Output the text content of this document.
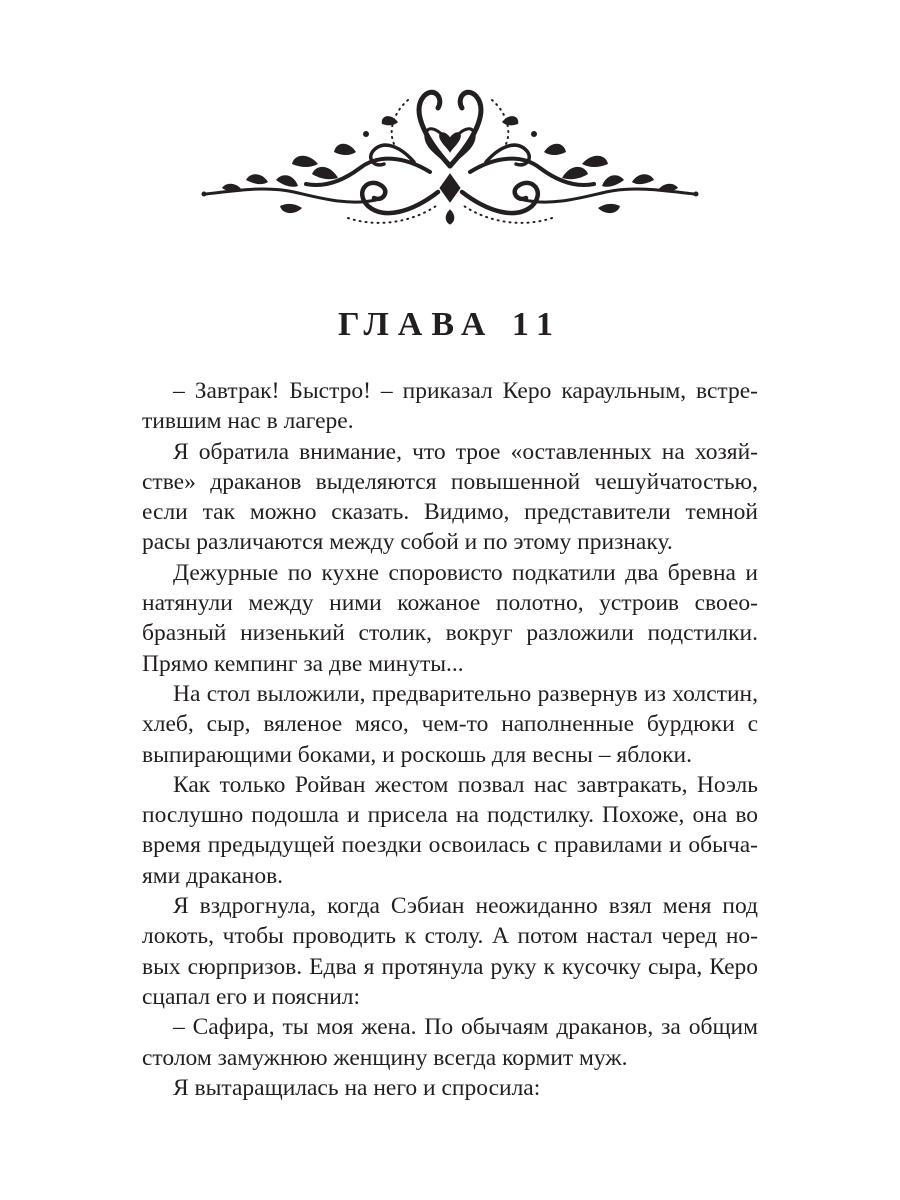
ГЛАВА 11

– Завтрак! Быстро! – приказал Керо караульным, встретившим нас в лагере.

Я обратила внимание, что трое «оставленных на хозяйстве» драканов выделяются повышенной чешуйчатостью, если так можно сказать. Видимо, представители темной расы различаются между собой и по этому признаку.

Дежурные по кухне споровисто подкатили два бревна и натянули между ними кожаное полотно, устроив своеобразный низенький столик, вокруг разложили подстилки. Прямо кемпинг за две минуты...

На стол выложили, предварительно развернув из холстин, хлеб, сыр, вяленое мясо, чем-то наполненные бурдюки с выпирающими боками, и роскошь для весны – яблоки.

Как только Ройван жестом позвал нас завтракать, Ноэль послушно подошла и присела на подстилку. Похоже, она во время предыдущей поездки освоилась с правилами и обычаями драканов.

Я вздрогнула, когда Сэбиан неожиданно взял меня под локоть, чтобы проводить к столу. А потом настал черед новых сюрпризов. Едва я протянула руку к кусочку сыра, Керо сцапал его и пояснил:

– Сафира, ты моя жена. По обычаям драканов, за общим столом замужнюю женщину всегда кормит муж.

Я вытаращилась на него и спросила:
